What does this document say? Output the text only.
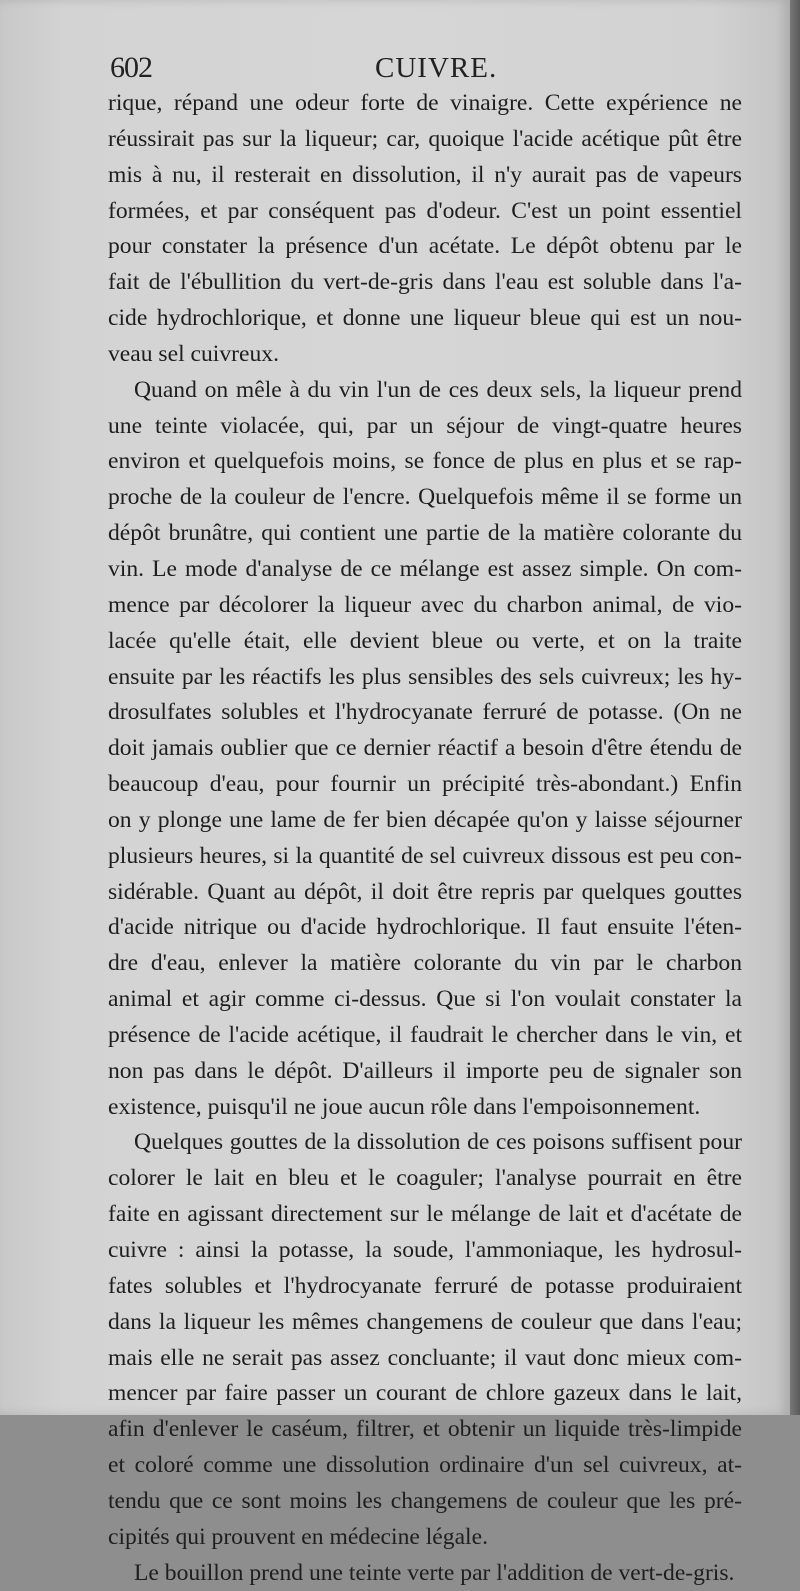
602	CUIVRE.
rique, répand une odeur forte de vinaigre. Cette expérience ne
réussirait pas sur la liqueur; car, quoique l'acide acétique pût être
mis à nu, il resterait en dissolution, il n'y aurait pas de vapeurs
formées, et par conséquent pas d'odeur. C'est un point essentiel
pour constater la présence d'un acétate. Le dépôt obtenu par le
fait de l'ébullition du vert-de-gris dans l'eau est soluble dans l'a-
cide hydrochlorique, et donne une liqueur bleue qui est un nou-
veau sel cuivreux.
Quand on mêle à du vin l'un de ces deux sels, la liqueur prend
une teinte violacée, qui, par un séjour de vingt-quatre heures
environ et quelquefois moins, se fonce de plus en plus et se rap-
proche de la couleur de l'encre. Quelquefois même il se forme un
dépôt brunâtre, qui contient une partie de la matière colorante du
vin. Le mode d'analyse de ce mélange est assez simple. On com-
mence par décolorer la liqueur avec du charbon animal, de vio-
lacée qu'elle était, elle devient bleue ou verte, et on la traite
ensuite par les réactifs les plus sensibles des sels cuivreux; les hy-
drosulfates solubles et l'hydrocyanate ferruré de potasse. (On ne
doit jamais oublier que ce dernier réactif a besoin d'être étendu de
beaucoup d'eau, pour fournir un précipité très-abondant.) Enfin
on y plonge une lame de fer bien décapée qu'on y laisse séjourner
plusieurs heures, si la quantité de sel cuivreux dissous est peu con-
sidérable. Quant au dépôt, il doit être repris par quelques gouttes
d'acide nitrique ou d'acide hydrochlorique. Il faut ensuite l'éten-
dre d'eau, enlever la matière colorante du vin par le charbon
animal et agir comme ci-dessus. Que si l'on voulait constater la
présence de l'acide acétique, il faudrait le chercher dans le vin, et
non pas dans le dépôt. D'ailleurs il importe peu de signaler son
existence, puisqu'il ne joue aucun rôle dans l'empoisonnement.
Quelques gouttes de la dissolution de ces poisons suffisent pour
colorer le lait en bleu et le coaguler; l'analyse pourrait en être
faite en agissant directement sur le mélange de lait et d'acétate de
cuivre : ainsi la potasse, la soude, l'ammoniaque, les hydrosul-
fates solubles et l'hydrocyanate ferruré de potasse produiraient
dans la liqueur les mêmes changemens de couleur que dans l'eau;
mais elle ne serait pas assez concluante; il vaut donc mieux com-
mencer par faire passer un courant de chlore gazeux dans le lait,
afin d'enlever le caséum, filtrer, et obtenir un liquide très-limpide
et coloré comme une dissolution ordinaire d'un sel cuivreux, at-
tendu que ce sont moins les changemens de couleur que les pré-
cipités qui prouvent en médecine légale.
Le bouillon prend une teinte verte par l'addition de vert-de-gris.
